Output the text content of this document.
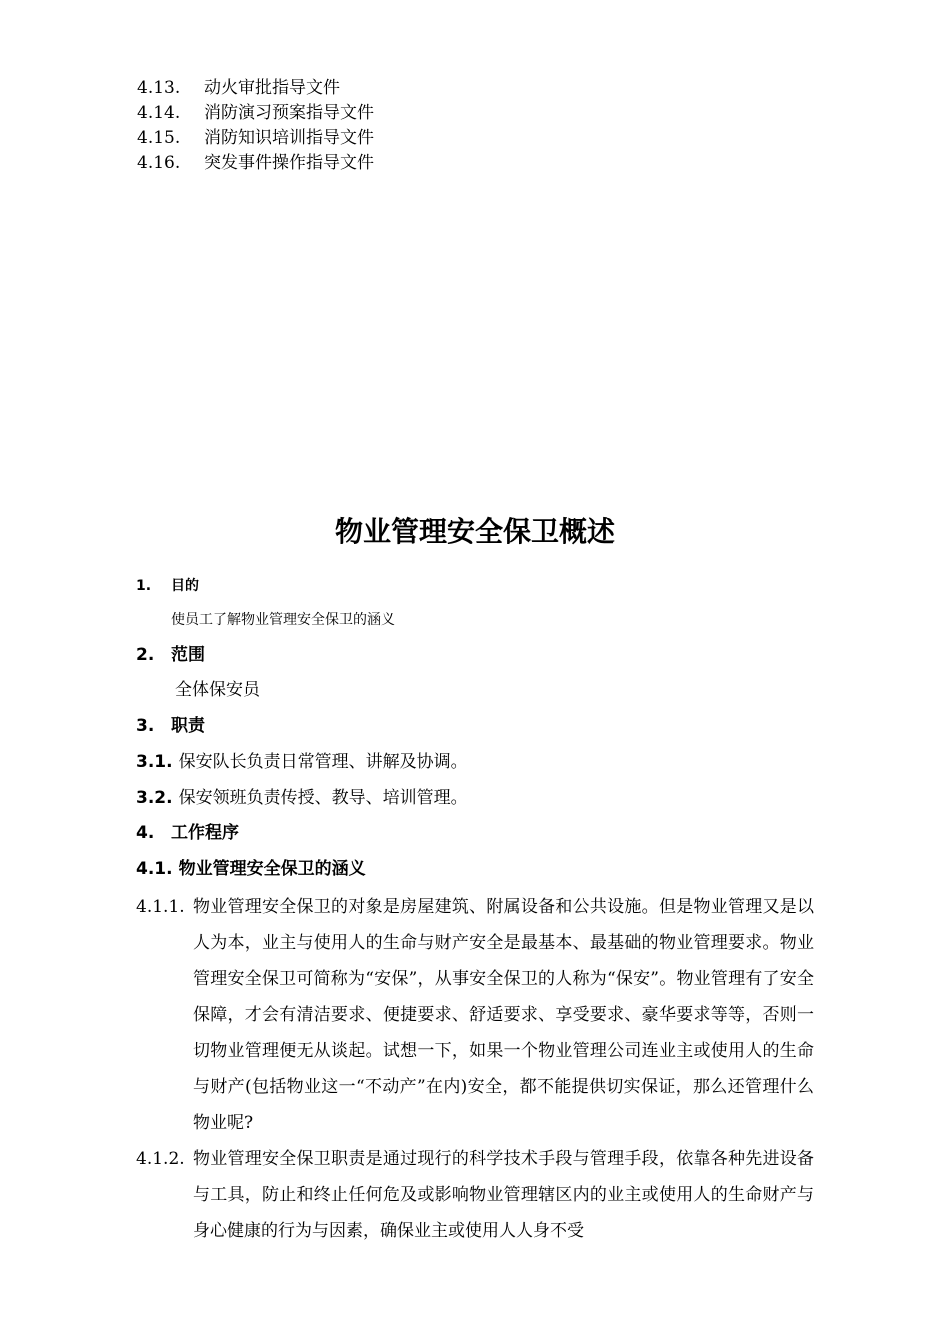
4.13. 动火审批指导文件
4.14. 消防演习预案指导文件
4.15. 消防知识培训指导文件
4.16. 突发事件操作指导文件
物业管理安全保卫概述
1. 目的
使员工了解物业管理安全保卫的涵义
2. 范围
全体保安员
3. 职责
3.1. 保安队长负责日常管理、讲解及协调。
3.2. 保安领班负责传授、教导、培训管理。
4. 工作程序
4.1. 物业管理安全保卫的涵义
4.1.1. 物业管理安全保卫的对象是房屋建筑、附属设备和公共设施。但是物业管理又是以人为本，业主与使用人的生命与财产安全是最基本、最基础的物业管理要求。物业管理安全保卫可简称为“安保”，从事安全保卫的人称为“保安”。物业管理有了安全保障，才会有清洁要求、便捷要求、舒适要求、享受要求、豪华要求等等，否则一切物业管理便无从谈起。试想一下，如果一个物业管理公司连业主或使用人的生命与财产(包括物业这一“不动产”在内)安全，都不能提供切实保证，那么还管理什么物业呢?
4.1.2. 物业管理安全保卫职责是通过现行的科学技术手段与管理手段，依靠各种先进设备与工具，防止和终止任何危及或影响物业管理辖区内的业主或使用人的生命财产与身心健康的行为与因素，确保业主或使用人人身不受
